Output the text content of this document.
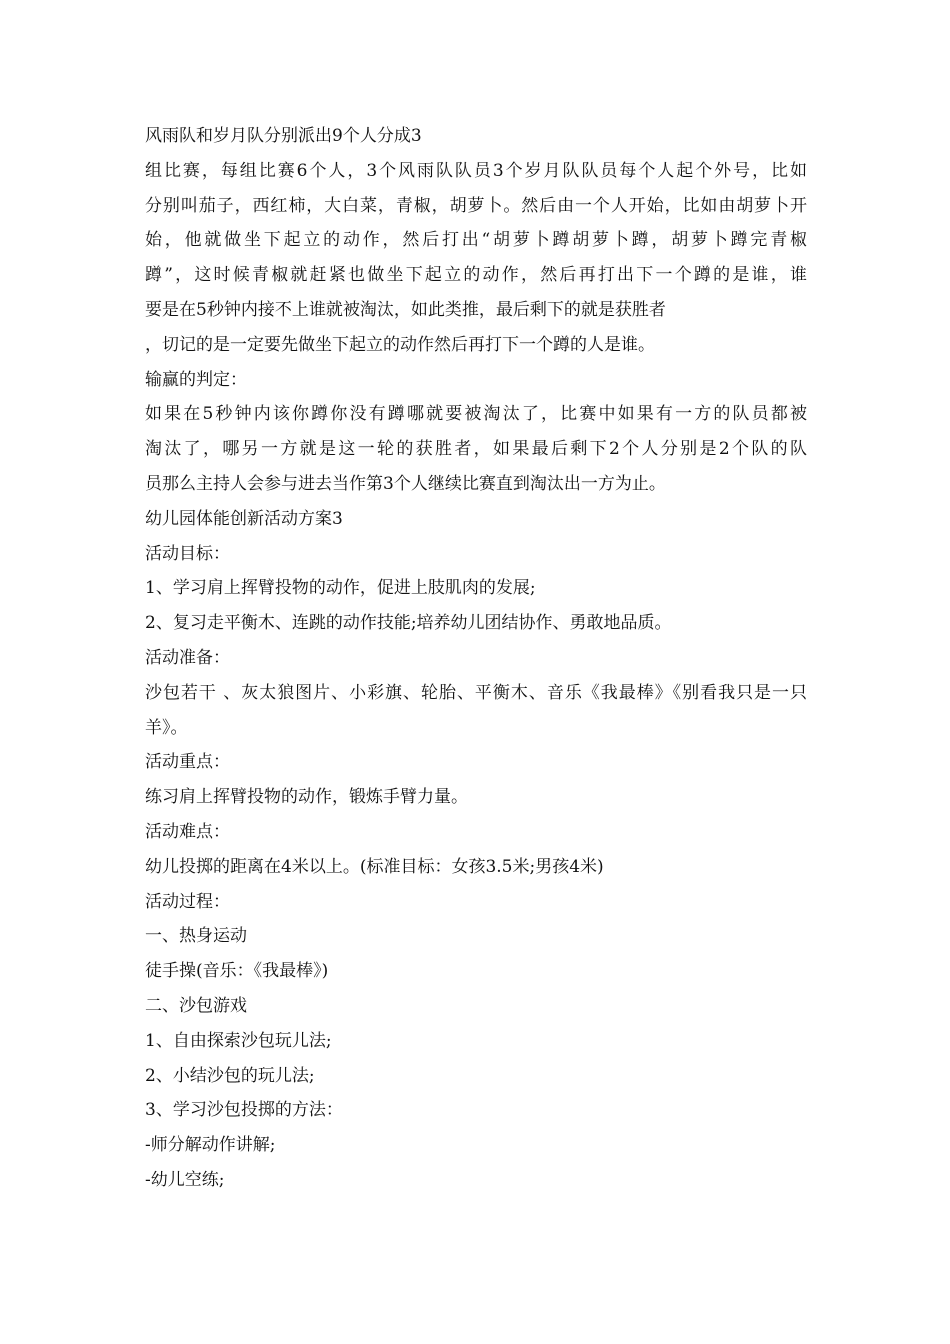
风雨队和岁月队分别派出9个人分成3
组比赛，每组比赛6个人，3个风雨队队员3个岁月队队员每个人起个外号，比如
分别叫茄子，西红柿，大白菜，青椒，胡萝卜。然后由一个人开始，比如由胡萝卜开
始，他就做坐下起立的动作，然后打出“胡萝卜蹲胡萝卜蹲，胡萝卜蹲完青椒
蹲”，这时候青椒就赶紧也做坐下起立的动作，然后再打出下一个蹲的是谁，谁
要是在5秒钟内接不上谁就被淘汰，如此类推，最后剩下的就是获胜者
，切记的是一定要先做坐下起立的动作然后再打下一个蹲的人是谁。
输赢的判定：
如果在5秒钟内该你蹲你没有蹲哪就要被淘汰了，比赛中如果有一方的队员都被
淘汰了，哪另一方就是这一轮的获胜者，如果最后剩下2个人分别是2个队的队
员那么主持人会参与进去当作第3个人继续比赛直到淘汰出一方为止。
幼儿园体能创新活动方案3
活动目标：
1、学习肩上挥臂投物的动作，促进上肢肌肉的发展;
2、复习走平衡木、连跳的动作技能;培养幼儿团结协作、勇敢地品质。
活动准备：
沙包若干 、灰太狼图片、小彩旗、轮胎、平衡木、音乐《我最棒》《别看我只是一只
羊》。
活动重点：
练习肩上挥臂投物的动作，锻炼手臂力量。
活动难点：
幼儿投掷的距离在4米以上。(标准目标：女孩3.5米;男孩4米)
活动过程：
一、热身运动
徒手操(音乐：《我最棒》)
二、沙包游戏
1、自由探索沙包玩儿法;
2、小结沙包的玩儿法;
3、学习沙包投掷的方法：
-师分解动作讲解;
-幼儿空练;
